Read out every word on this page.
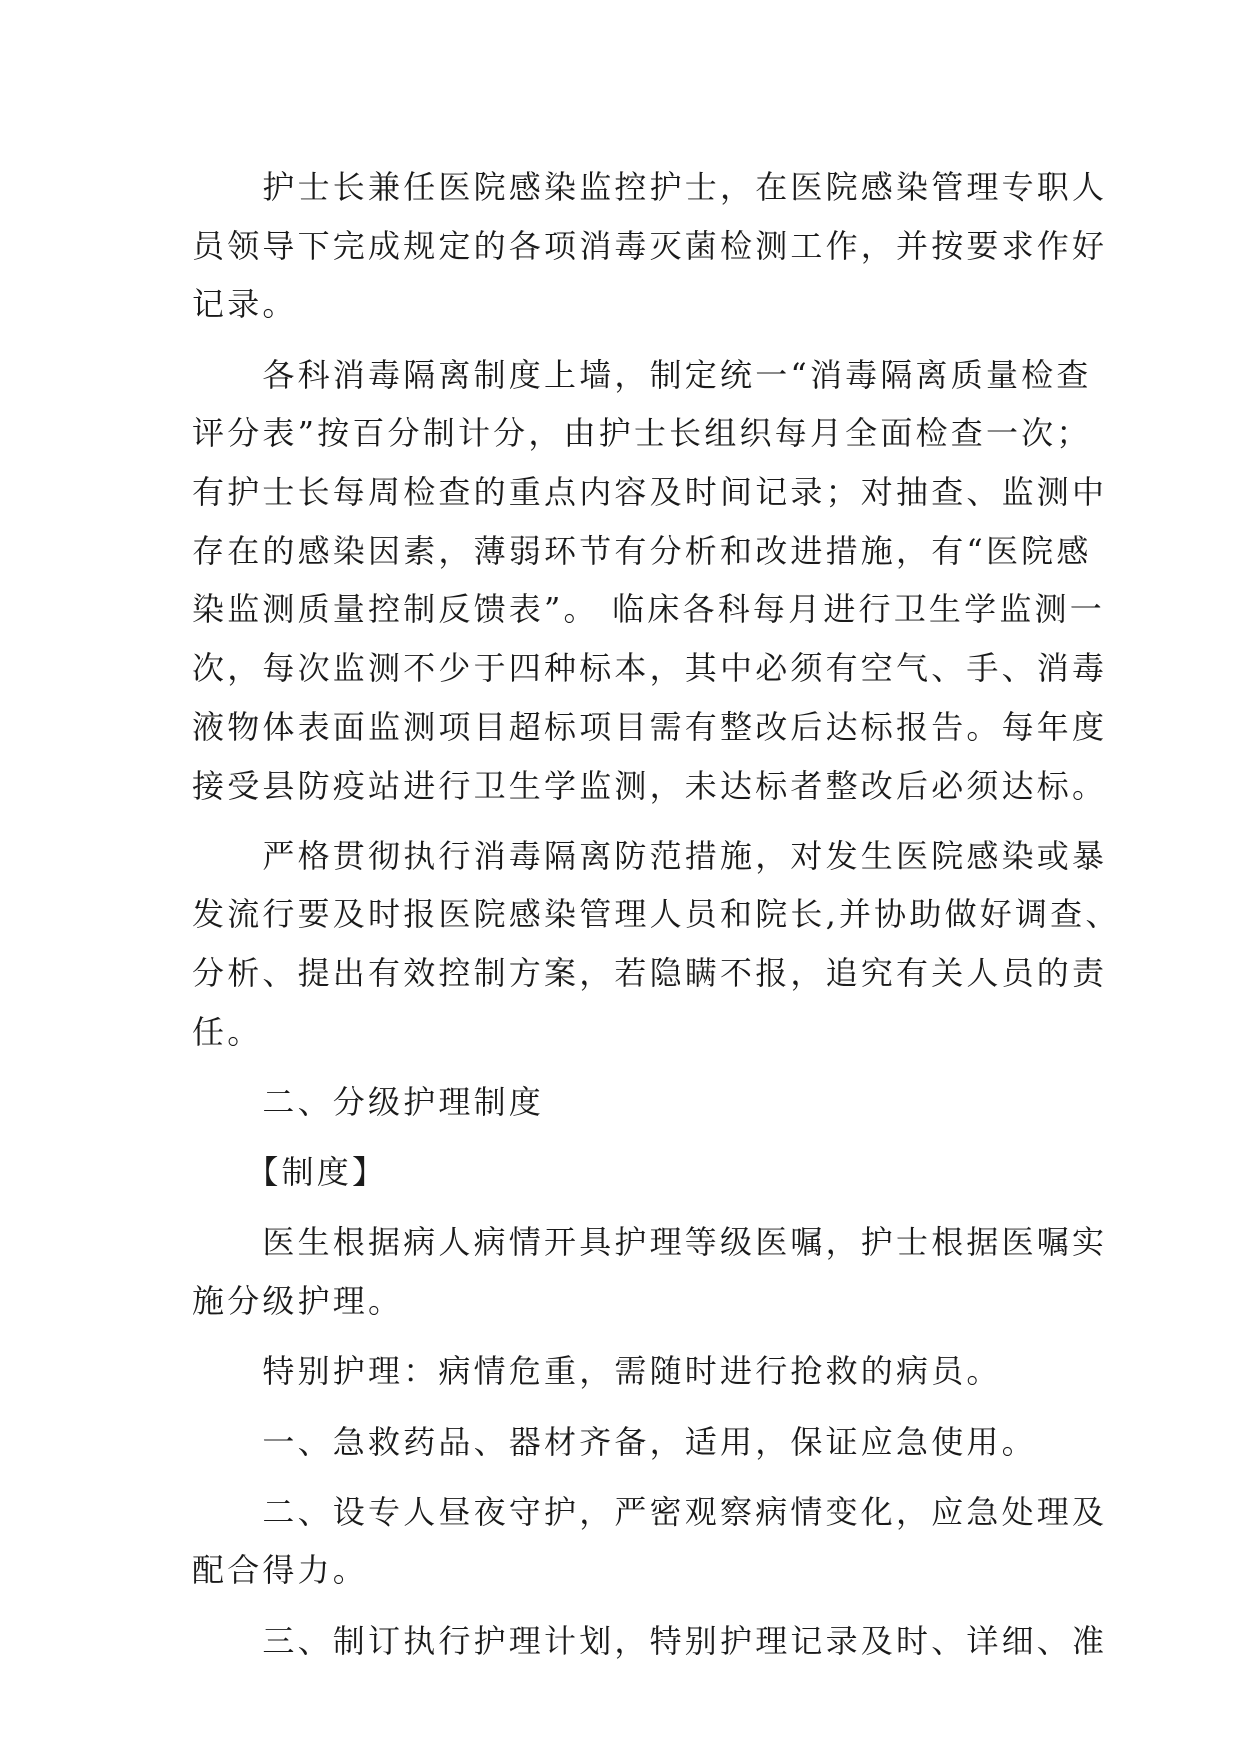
　　护士长兼任医院感染监控护士，在医院感染管理专职人

员领导下完成规定的各项消毒灭菌检测工作，并按要求作好

记录。

　　各科消毒隔离制度上墙，制定统一“消毒隔离质量检查

评分表”按百分制计分，由护士长组织每月全面检查一次；

有护士长每周检查的重点内容及时间记录；对抽查、监测中

存在的感染因素，薄弱环节有分析和改进措施，有“医院感

染监测质量控制反馈表”。 临床各科每月进行卫生学监测一

次，每次监测不少于四种标本，其中必须有空气、手、消毒

液物体表面监测项目超标项目需有整改后达标报告。每年度

接受县防疫站进行卫生学监测，未达标者整改后必须达标。

　　严格贯彻执行消毒隔离防范措施，对发生医院感染或暴

发流行要及时报医院感染管理人员和院长,并协助做好调查、

分析、提出有效控制方案，若隐瞒不报，追究有关人员的责

任。

　　二、分级护理制度

　　【制度】

　　医生根据病人病情开具护理等级医嘱，护士根据医嘱实

施分级护理。

　　特别护理：病情危重，需随时进行抢救的病员。

　　一、急救药品、器材齐备，适用，保证应急使用。

　　二、设专人昼夜守护，严密观察病情变化，应急处理及

配合得力。

　　三、制订执行护理计划，特别护理记录及时、详细、准
